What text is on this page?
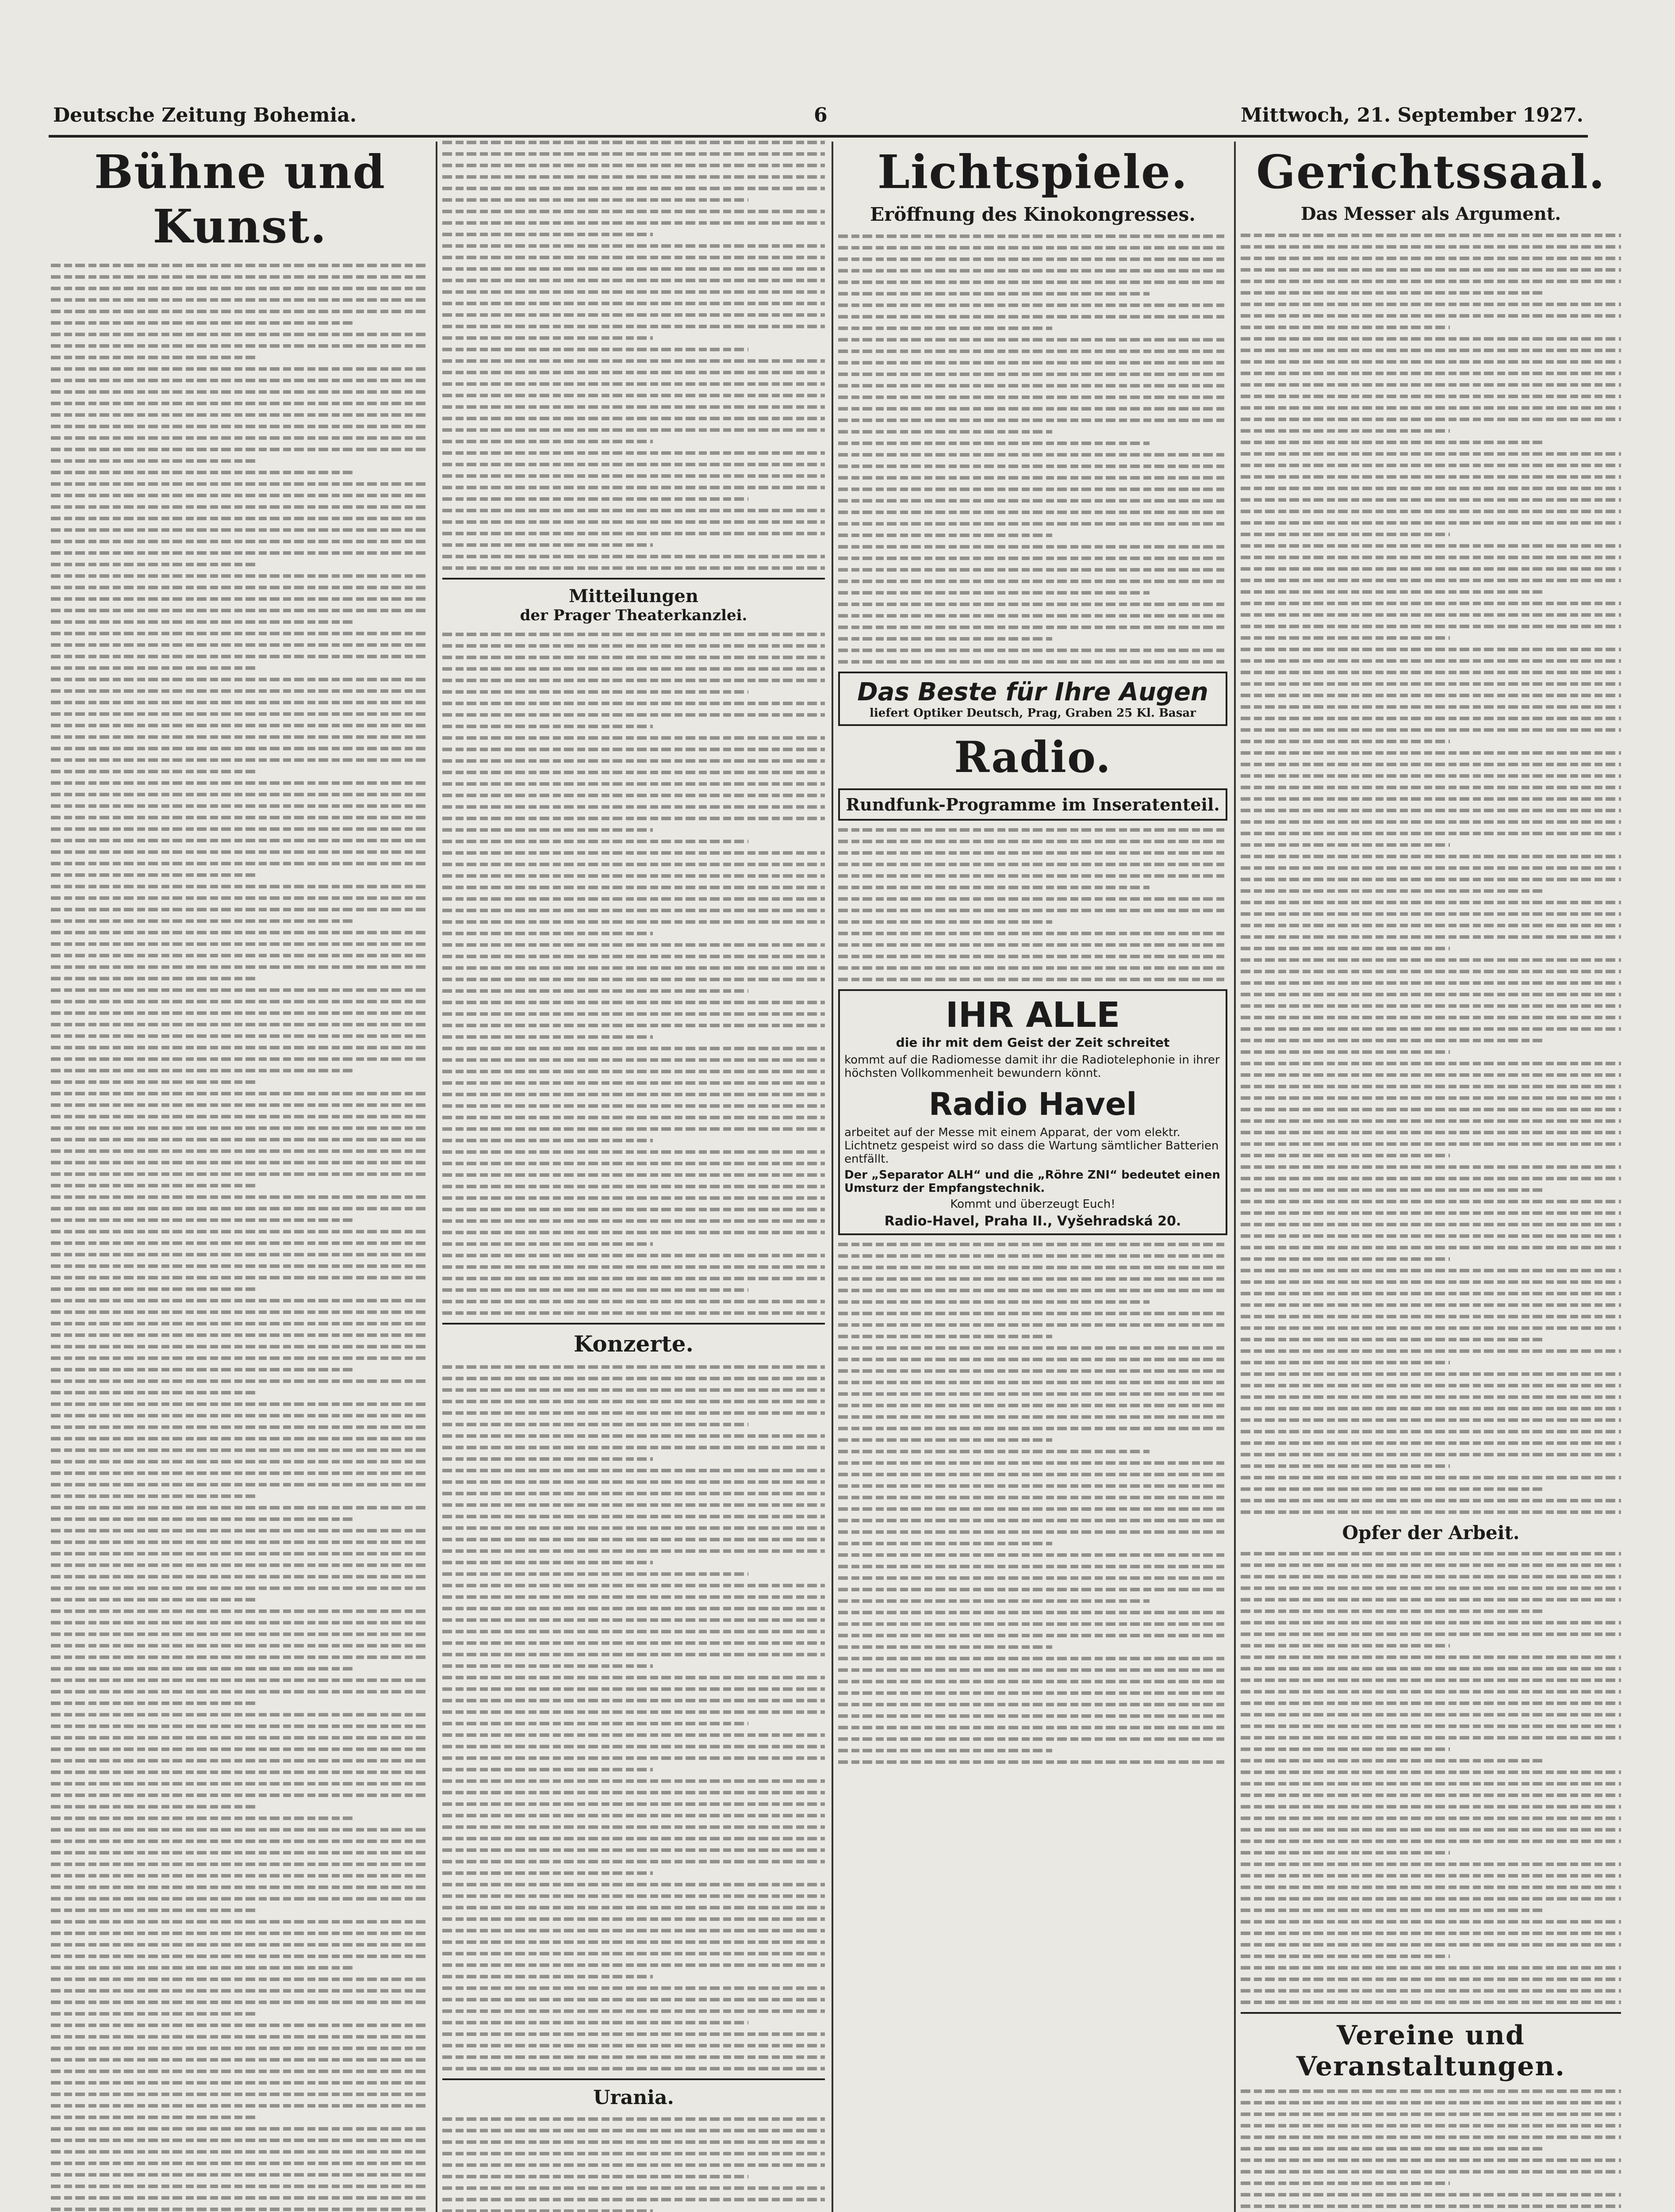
Deutsche Zeitung Bohemia.	6	Mittwoch, 21. September 1927.
Bühne und Kunst.
Mitteilungen
der Prager Theaterkanzlei.
Konzerte.
Urania.
Lichtspiele.
Eröffnung des Kinokongresses.
Das Beste für Ihre Augen
liefert Optiker Deutsch, Prag, Graben 25 Kl. Basar
Radio.
Rundfunk-Programme im Inseratenteil.
IHR ALLE
die ihr mit dem Geist der Zeit schreitet
kommt auf die Radiomesse damit ihr die Radiotelephonie in ihrer höchsten Vollkommenheit bewundern könnt.
Radio Havel
arbeitet auf der Messe mit einem Apparat, der vom elektr. Lichtnetz gespeist wird so dass die Wartung sämtlicher Batterien entfällt.
Der „Separator ALH“ und die „Röhre ZNI“ bedeutet einen Umsturz der Empfangstechnik.
Kommt und überzeugt Euch!
Radio-Havel, Praha II., Vyšehradská 20.
Gerichtssaal.
Das Messer als Argument.
Opfer der Arbeit.
Vereine und Veranstaltungen.
